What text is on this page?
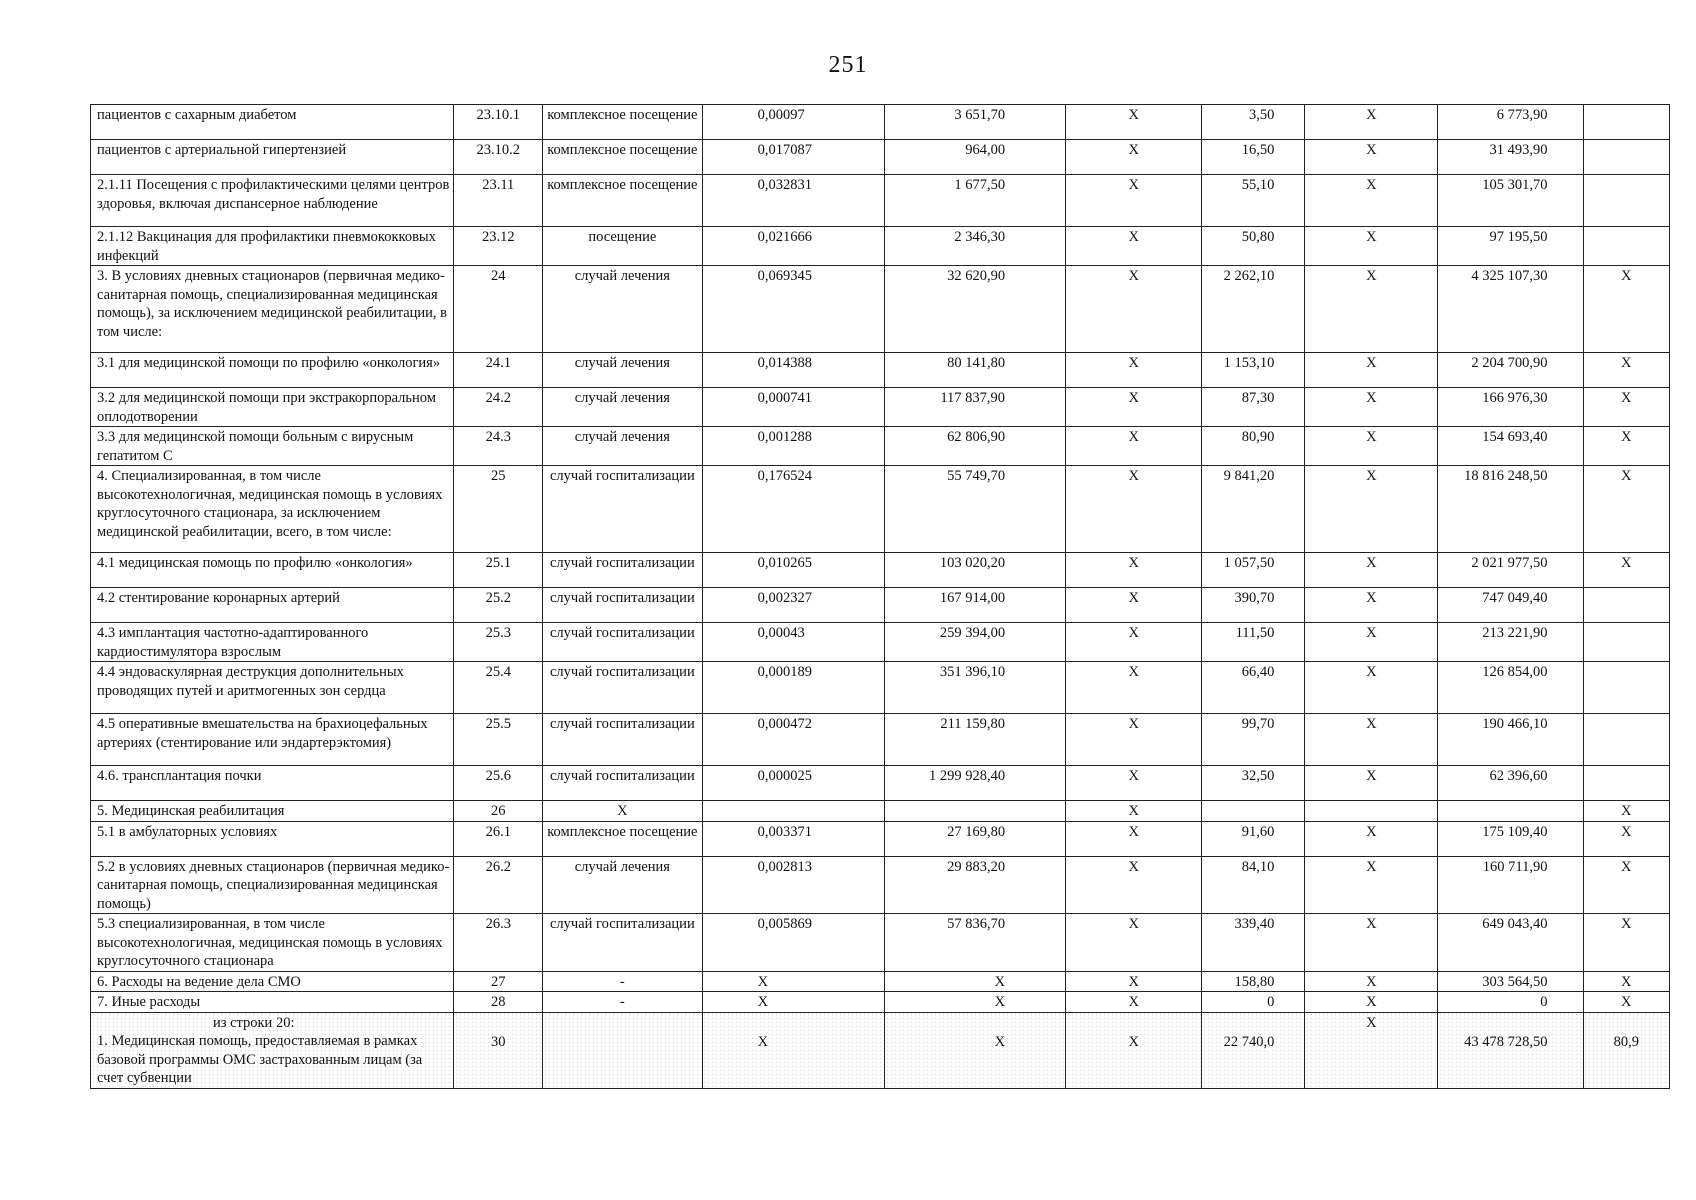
251
пациентов с сахарным диабетом	23.10.1	комплексное посещение	0,00097	3 651,70	X	3,50	X	6 773,90	
пациентов с артериальной гипертензией	23.10.2	комплексное посещение	0,017087	964,00	X	16,50	X	31 493,90	
2.1.11 Посещения с профилактическими целями центров здоровья, включая диспансерное наблюдение	23.11	комплексное посещение	0,032831	1 677,50	X	55,10	X	105 301,70	
2.1.12 Вакцинация для профилактики пневмококковых инфекций	23.12	посещение	0,021666	2 346,30	X	50,80	X	97 195,50	
3. В условиях дневных стационаров (первичная медико-санитарная помощь, специализированная медицинская помощь), за исключением медицинской реабилитации, в том числе:	24	случай лечения	0,069345	32 620,90	X	2 262,10	X	4 325 107,30	X
3.1 для медицинской помощи по профилю «онкология»	24.1	случай лечения	0,014388	80 141,80	X	1 153,10	X	2 204 700,90	X
3.2 для медицинской помощи при экстракорпоральном оплодотворении	24.2	случай лечения	0,000741	117 837,90	X	87,30	X	166 976,30	X
3.3 для медицинской помощи больным с вирусным гепатитом С	24.3	случай лечения	0,001288	62 806,90	X	80,90	X	154 693,40	X
4. Специализированная, в том числе высокотехнологичная, медицинская помощь в условиях круглосуточного стационара, за исключением медицинской реабилитации, всего, в том числе:	25	случай госпитализации	0,176524	55 749,70	X	9 841,20	X	18 816 248,50	X
4.1 медицинская помощь по профилю «онкология»	25.1	случай госпитализации	0,010265	103 020,20	X	1 057,50	X	2 021 977,50	X
4.2 стентирование коронарных артерий	25.2	случай госпитализации	0,002327	167 914,00	X	390,70	X	747 049,40	
4.3 имплантация частотно-адаптированного кардиостимулятора взрослым	25.3	случай госпитализации	0,00043	259 394,00	X	111,50	X	213 221,90	
4.4 эндоваскулярная деструкция дополнительных проводящих путей и аритмогенных зон сердца	25.4	случай госпитализации	0,000189	351 396,10	X	66,40	X	126 854,00	
4.5 оперативные вмешательства на брахиоцефальных артериях (стентирование или эндартерэктомия)	25.5	случай госпитализации	0,000472	211 159,80	X	99,70	X	190 466,10	
4.6. трансплантация почки	25.6	случай госпитализации	0,000025	1 299 928,40	X	32,50	X	62 396,60	
5. Медицинская реабилитация	26	X			X				X
5.1 в амбулаторных условиях	26.1	комплексное посещение	0,003371	27 169,80	X	91,60	X	175 109,40	X
5.2 в условиях дневных стационаров (первичная медико-санитарная помощь, специализированная медицинская помощь)	26.2	случай лечения	0,002813	29 883,20	X	84,10	X	160 711,90	X
5.3 специализированная, в том числе высокотехнологичная, медицинская помощь в условиях круглосуточного стационара	26.3	случай госпитализации	0,005869	57 836,70	X	339,40	X	649 043,40	X
6. Расходы на ведение дела СМО	27	-	X	X	X	158,80	X	303 564,50	X
7. Иные расходы	28	-	X	X	X	0	X	0	X

из строки 20:
1. Медицинская помощь, предоставляемая в рамках базовой программы ОМС застрахованным лицам (за счет субвенции	30		X	X	X	22 740,0	X	43 478 728,50	80,9
